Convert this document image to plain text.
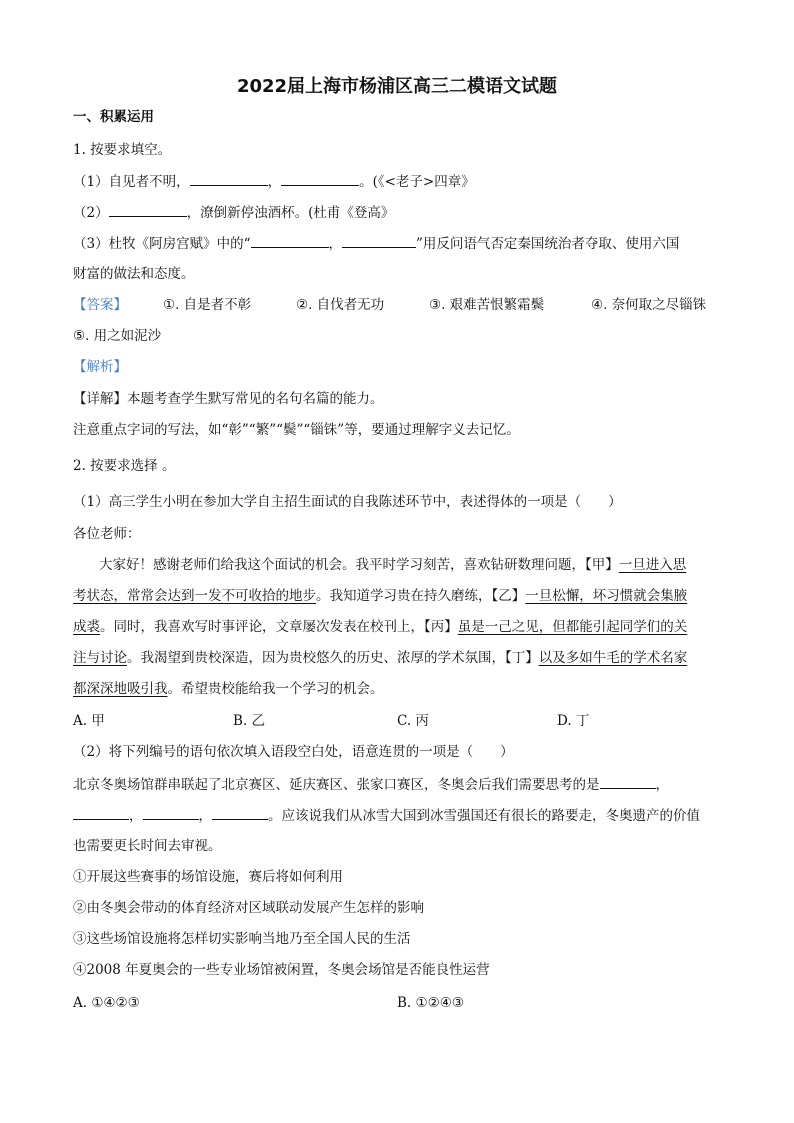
2022届上海市杨浦区高三二模语文试题
一、积累运用
1. 按要求填空。
（1）自见者不明，	，	。(《<老子>四章》
（2）	，潦倒新停浊酒杯。(杜甫《登高》
（3）杜牧《阿房宫赋》中的“	，	”用反问语气否定秦国统治者夺取、使用六国
财富的做法和态度。
【答案】	①. 自是者不彰	②. 自伐者无功	③. 艰难苦恨繁霜鬓	④. 奈何取之尽锱铢
⑤. 用之如泥沙
【解析】
【详解】本题考查学生默写常见的名句名篇的能力。
注意重点字词的写法，如“彰”“繁”“鬓”“锱铢”等，要通过理解字义去记忆。
2. 按要求选择 。
（1）高三学生小明在参加大学自主招生面试的自我陈述环节中，表述得体的一项是（　　）
各位老师：
大家好！感谢老师们给我这个面试的机会。我平时学习刻苦，喜欢钻研数理问题，【甲】一旦进入思
考状态，常常会达到一发不可收拾的地步。我知道学习贵在持久磨练，【乙】一旦松懈，坏习惯就会集腋
成裘。同时，我喜欢写时事评论，文章屡次发表在校刊上，【丙】虽是一己之见，但都能引起同学们的关
注与讨论。我渴望到贵校深造，因为贵校悠久的历史、浓厚的学术氛围，【丁】以及多如牛毛的学术名家
都深深地吸引我。希望贵校能给我一个学习的机会。
A. 甲	B. 乙	C. 丙	D. 丁
（2）将下列编号的语句依次填入语段空白处，语意连贯的一项是（　　）
北京冬奥场馆群串联起了北京赛区、延庆赛区、张家口赛区，冬奥会后我们需要思考的是	，
，	，	。应该说我们从冰雪大国到冰雪强国还有很长的路要走，冬奥遗产的价值
也需要更长时间去审视。
①开展这些赛事的场馆设施，赛后将如何利用
②由冬奥会带动的体育经济对区域联动发展产生怎样的影响
③这些场馆设施将怎样切实影响当地乃至全国人民的生活
④2008 年夏奥会的一些专业场馆被闲置，冬奥会场馆是否能良性运营
A. ①④②③	B. ①②④③
